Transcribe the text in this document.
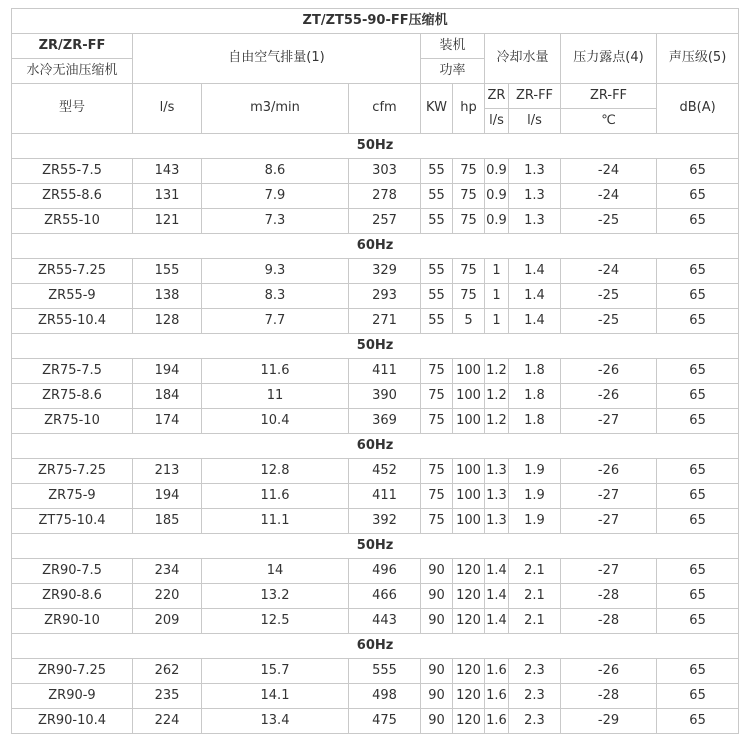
ZT/ZT55-90-FF压缩机									
ZR/ZR-FF	自由空气排量(1)			装机		冷却水量		压力露点(4)	声压级(5)
水冷无油压缩机				功率					
型号	l/s	m3/min	cfm	KW	hp	ZR	ZR-FF	ZR-FF	dB(A)
						l/s	l/s	℃	
50Hz									
ZR55-7.5	143	8.6	303	55	75	0.9	1.3	-24	65
ZR55-8.6	131	7.9	278	55	75	0.9	1.3	-24	65
ZR55-10	121	7.3	257	55	75	0.9	1.3	-25	65
60Hz									
ZR55-7.25	155	9.3	329	55	75	1	1.4	-24	65
ZR55-9	138	8.3	293	55	75	1	1.4	-25	65
ZR55-10.4	128	7.7	271	55	5	1	1.4	-25	65
50Hz									
ZR75-7.5	194	11.6	411	75	100	1.2	1.8	-26	65
ZR75-8.6	184	11	390	75	100	1.2	1.8	-26	65
ZR75-10	174	10.4	369	75	100	1.2	1.8	-27	65
60Hz									
ZR75-7.25	213	12.8	452	75	100	1.3	1.9	-26	65
ZR75-9	194	11.6	411	75	100	1.3	1.9	-27	65
ZT75-10.4	185	11.1	392	75	100	1.3	1.9	-27	65
50Hz									
ZR90-7.5	234	14	496	90	120	1.4	2.1	-27	65
ZR90-8.6	220	13.2	466	90	120	1.4	2.1	-28	65
ZR90-10	209	12.5	443	90	120	1.4	2.1	-28	65
60Hz									
ZR90-7.25	262	15.7	555	90	120	1.6	2.3	-26	65
ZR90-9	235	14.1	498	90	120	1.6	2.3	-28	65
ZR90-10.4	224	13.4	475	90	120	1.6	2.3	-29	65
